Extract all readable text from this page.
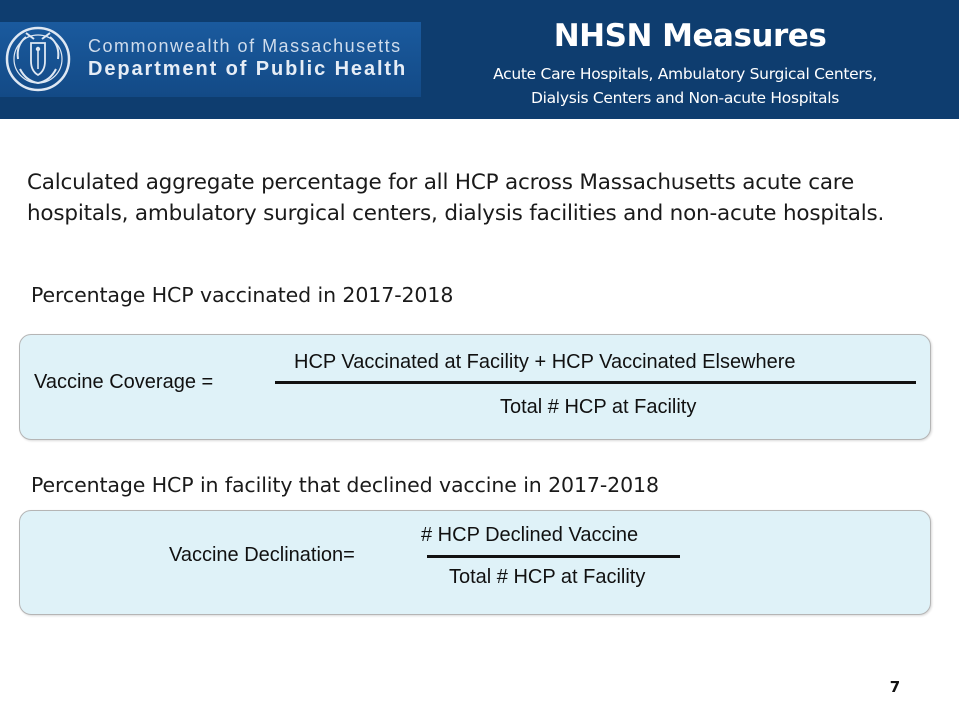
Commonwealth of Massachusetts
Department of Public Health
NHSN Measures
Acute Care Hospitals, Ambulatory Surgical Centers,
Dialysis Centers and Non-acute Hospitals
Calculated aggregate percentage for all HCP across Massachusetts acute care hospitals, ambulatory surgical centers, dialysis facilities and non-acute hospitals.
Percentage HCP vaccinated in 2017-2018
Vaccine Coverage =
HCP Vaccinated at Facility + HCP Vaccinated Elsewhere
Total # HCP at Facility
Percentage HCP in facility that declined vaccine in 2017-2018
Vaccine Declination=
# HCP Declined Vaccine
Total # HCP at Facility
7
